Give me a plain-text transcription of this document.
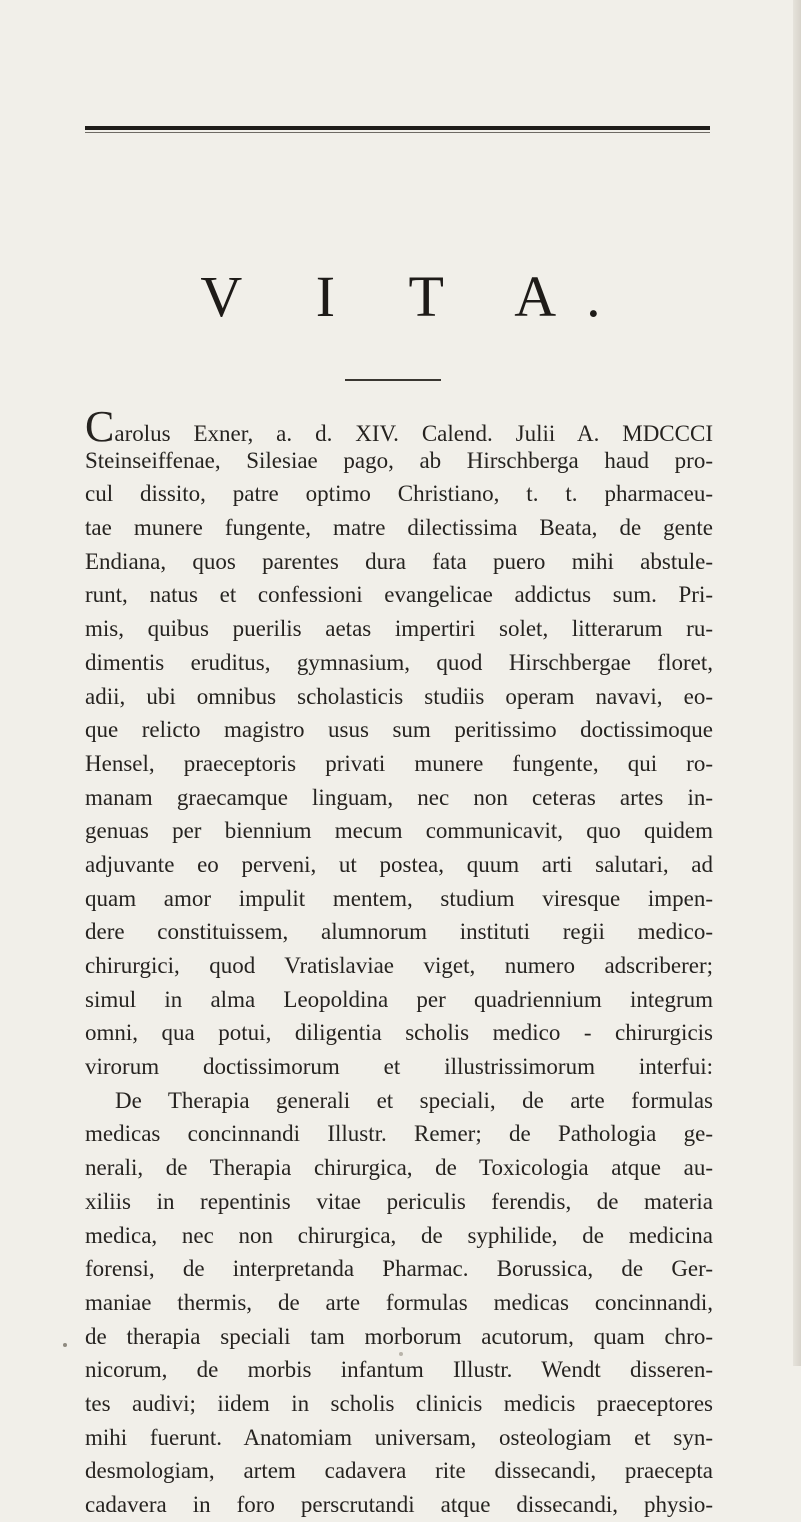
V I T A.
Carolus Exner, a. d. XIV. Calend. Julii A. MDCCCI
Steinseiffenae, Silesiae pago, ab Hirschberga haud pro-
cul dissito, patre optimo Christiano, t. t. pharmaceu-
tae munere fungente, matre dilectissima Beata, de gente
Endiana, quos parentes dura fata puero mihi abstule-
runt, natus et confessioni evangelicae addictus sum. Pri-
mis, quibus puerilis aetas impertiri solet, litterarum ru-
dimentis eruditus, gymnasium, quod Hirschbergae floret,
adii, ubi omnibus scholasticis studiis operam navavi, eo-
que relicto magistro usus sum peritissimo doctissimoque
Hensel, praeceptoris privati munere fungente, qui ro-
manam graecamque linguam, nec non ceteras artes in-
genuas per biennium mecum communicavit, quo quidem
adjuvante eo perveni, ut postea, quum arti salutari, ad
quam amor impulit mentem, studium viresque impen-
dere constituissem, alumnorum instituti regii medico-
chirurgici, quod Vratislaviae viget, numero adscriberer;
simul in alma Leopoldina per quadriennium integrum
omni, qua potui, diligentia scholis medico - chirurgicis
virorum doctissimorum et illustrissimorum interfui:
De Therapia generali et speciali, de arte formulas
medicas concinnandi Illustr. Remer; de Pathologia ge-
nerali, de Therapia chirurgica, de Toxicologia atque au-
xiliis in repentinis vitae periculis ferendis, de materia
medica, nec non chirurgica, de syphilide, de medicina
forensi, de interpretanda Pharmac. Borussica, de Ger-
maniae thermis, de arte formulas medicas concinnandi,
de therapia speciali tam morborum acutorum, quam chro-
nicorum, de morbis infantum Illustr. Wendt disseren-
tes audivi; iidem in scholis clinicis medicis praeceptores
mihi fuerunt. Anatomiam universam, osteologiam et syn-
desmologiam, artem cadavera rite dissecandi, praecepta
cadavera in foro perscrutandi atque dissecandi, physio-
